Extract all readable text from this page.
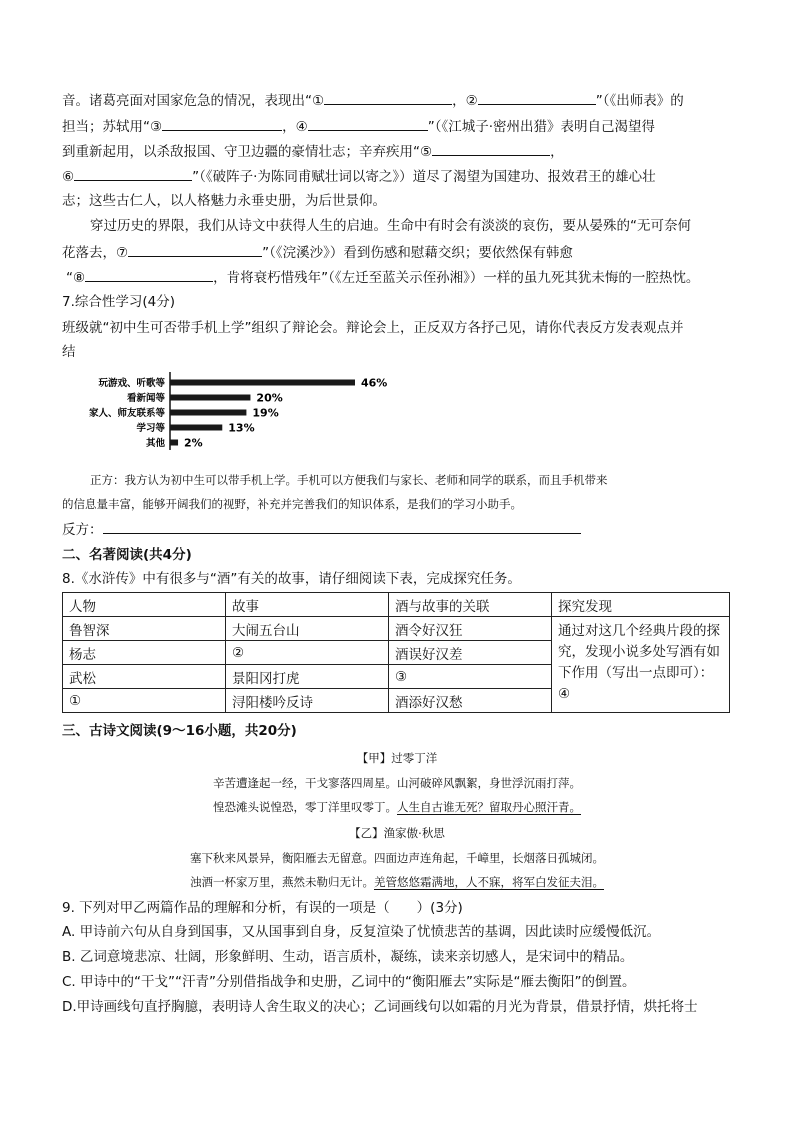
音。诸葛亮面对国家危急的情况，表现出“①	，②	”（《出师表》的
担当；苏轼用“③	，④	”（《江城子·密州出猎》表明自己渴望得
到重新起用，以杀敌报国、守卫边疆的豪情壮志；辛弃疾用“⑤	，
⑥	”（《破阵子·为陈同甫赋壮词以寄之》）道尽了渴望为国建功、报效君王的雄心壮
志；这些古仁人，以人格魅力永垂史册，为后世景仰。
穿过历史的界限，我们从诗文中获得人生的启迪。生命中有时会有淡淡的哀伤，要从晏殊的“无可奈何
花落去，⑦	”（《浣溪沙》）看到伤感和慰藉交织；要依然保有韩愈
“⑧	，肯将衰朽惜残年”（《左迁至蓝关示侄孙湘》）一样的虽九死其犹未悔的一腔热忱。
7.综合性学习(4分)
班级就“初中生可否带手机上学”组织了辩论会。辩论会上，正反双方各抒己见，请你代表反方发表观点并
结
玩游戏、听歌等	46%
看新闻等	20%
家人、师友联系等	19%
学习等	13%
其他 2%
正方：我方认为初中生可以带手机上学。手机可以方便我们与家长、老师和同学的联系，而且手机带来
的信息量丰富，能够开阔我们的视野，补充并完善我们的知识体系，是我们的学习小助手。
反方：
二、名著阅读(共4分)
8.《水浒传》中有很多与“酒”有关的故事，请仔细阅读下表，完成探究任务。
人物	故事	酒与故事的关联	探究发现
鲁智深	大闹五台山	酒令好汉狂	通过对这几个经典片段的探究，发现小说多处写酒有如下作用（写出一点即可）：④
杨志	②	酒误好汉差	
武松	景阳冈打虎	③	
①	浔阳楼吟反诗	酒添好汉愁	
三、古诗文阅读(9～16小题，共20分)
【甲】过零丁洋
辛苦遭逢起一经，干戈寥落四周星。山河破碎风飘絮，身世浮沉雨打萍。
惶恐滩头说惶恐，零丁洋里叹零丁。人生自古谁无死？留取丹心照汗青。
【乙】渔家傲·秋思
塞下秋来风景异，衡阳雁去无留意。四面边声连角起，千嶂里，长烟落日孤城闭。
浊酒一杯家万里，燕然未勒归无计。羌管悠悠霜满地，人不寐，将军白发征夫泪。
9. 下列对甲乙两篇作品的理解和分析，有误的一项是（　　）(3分)
A. 甲诗前六句从自身到国事，又从国事到自身，反复渲染了忧愤悲苦的基调，因此读时应缓慢低沉。
B. 乙词意境悲凉、壮阔，形象鲜明、生动，语言质朴，凝练，读来亲切感人，是宋词中的精品。
C. 甲诗中的“干戈”“汗青”分别借指战争和史册，乙词中的“衡阳雁去”实际是“雁去衡阳”的倒置。
D.甲诗画线句直抒胸臆，表明诗人舍生取义的决心；乙词画线句以如霜的月光为背景，借景抒情，烘托将士
